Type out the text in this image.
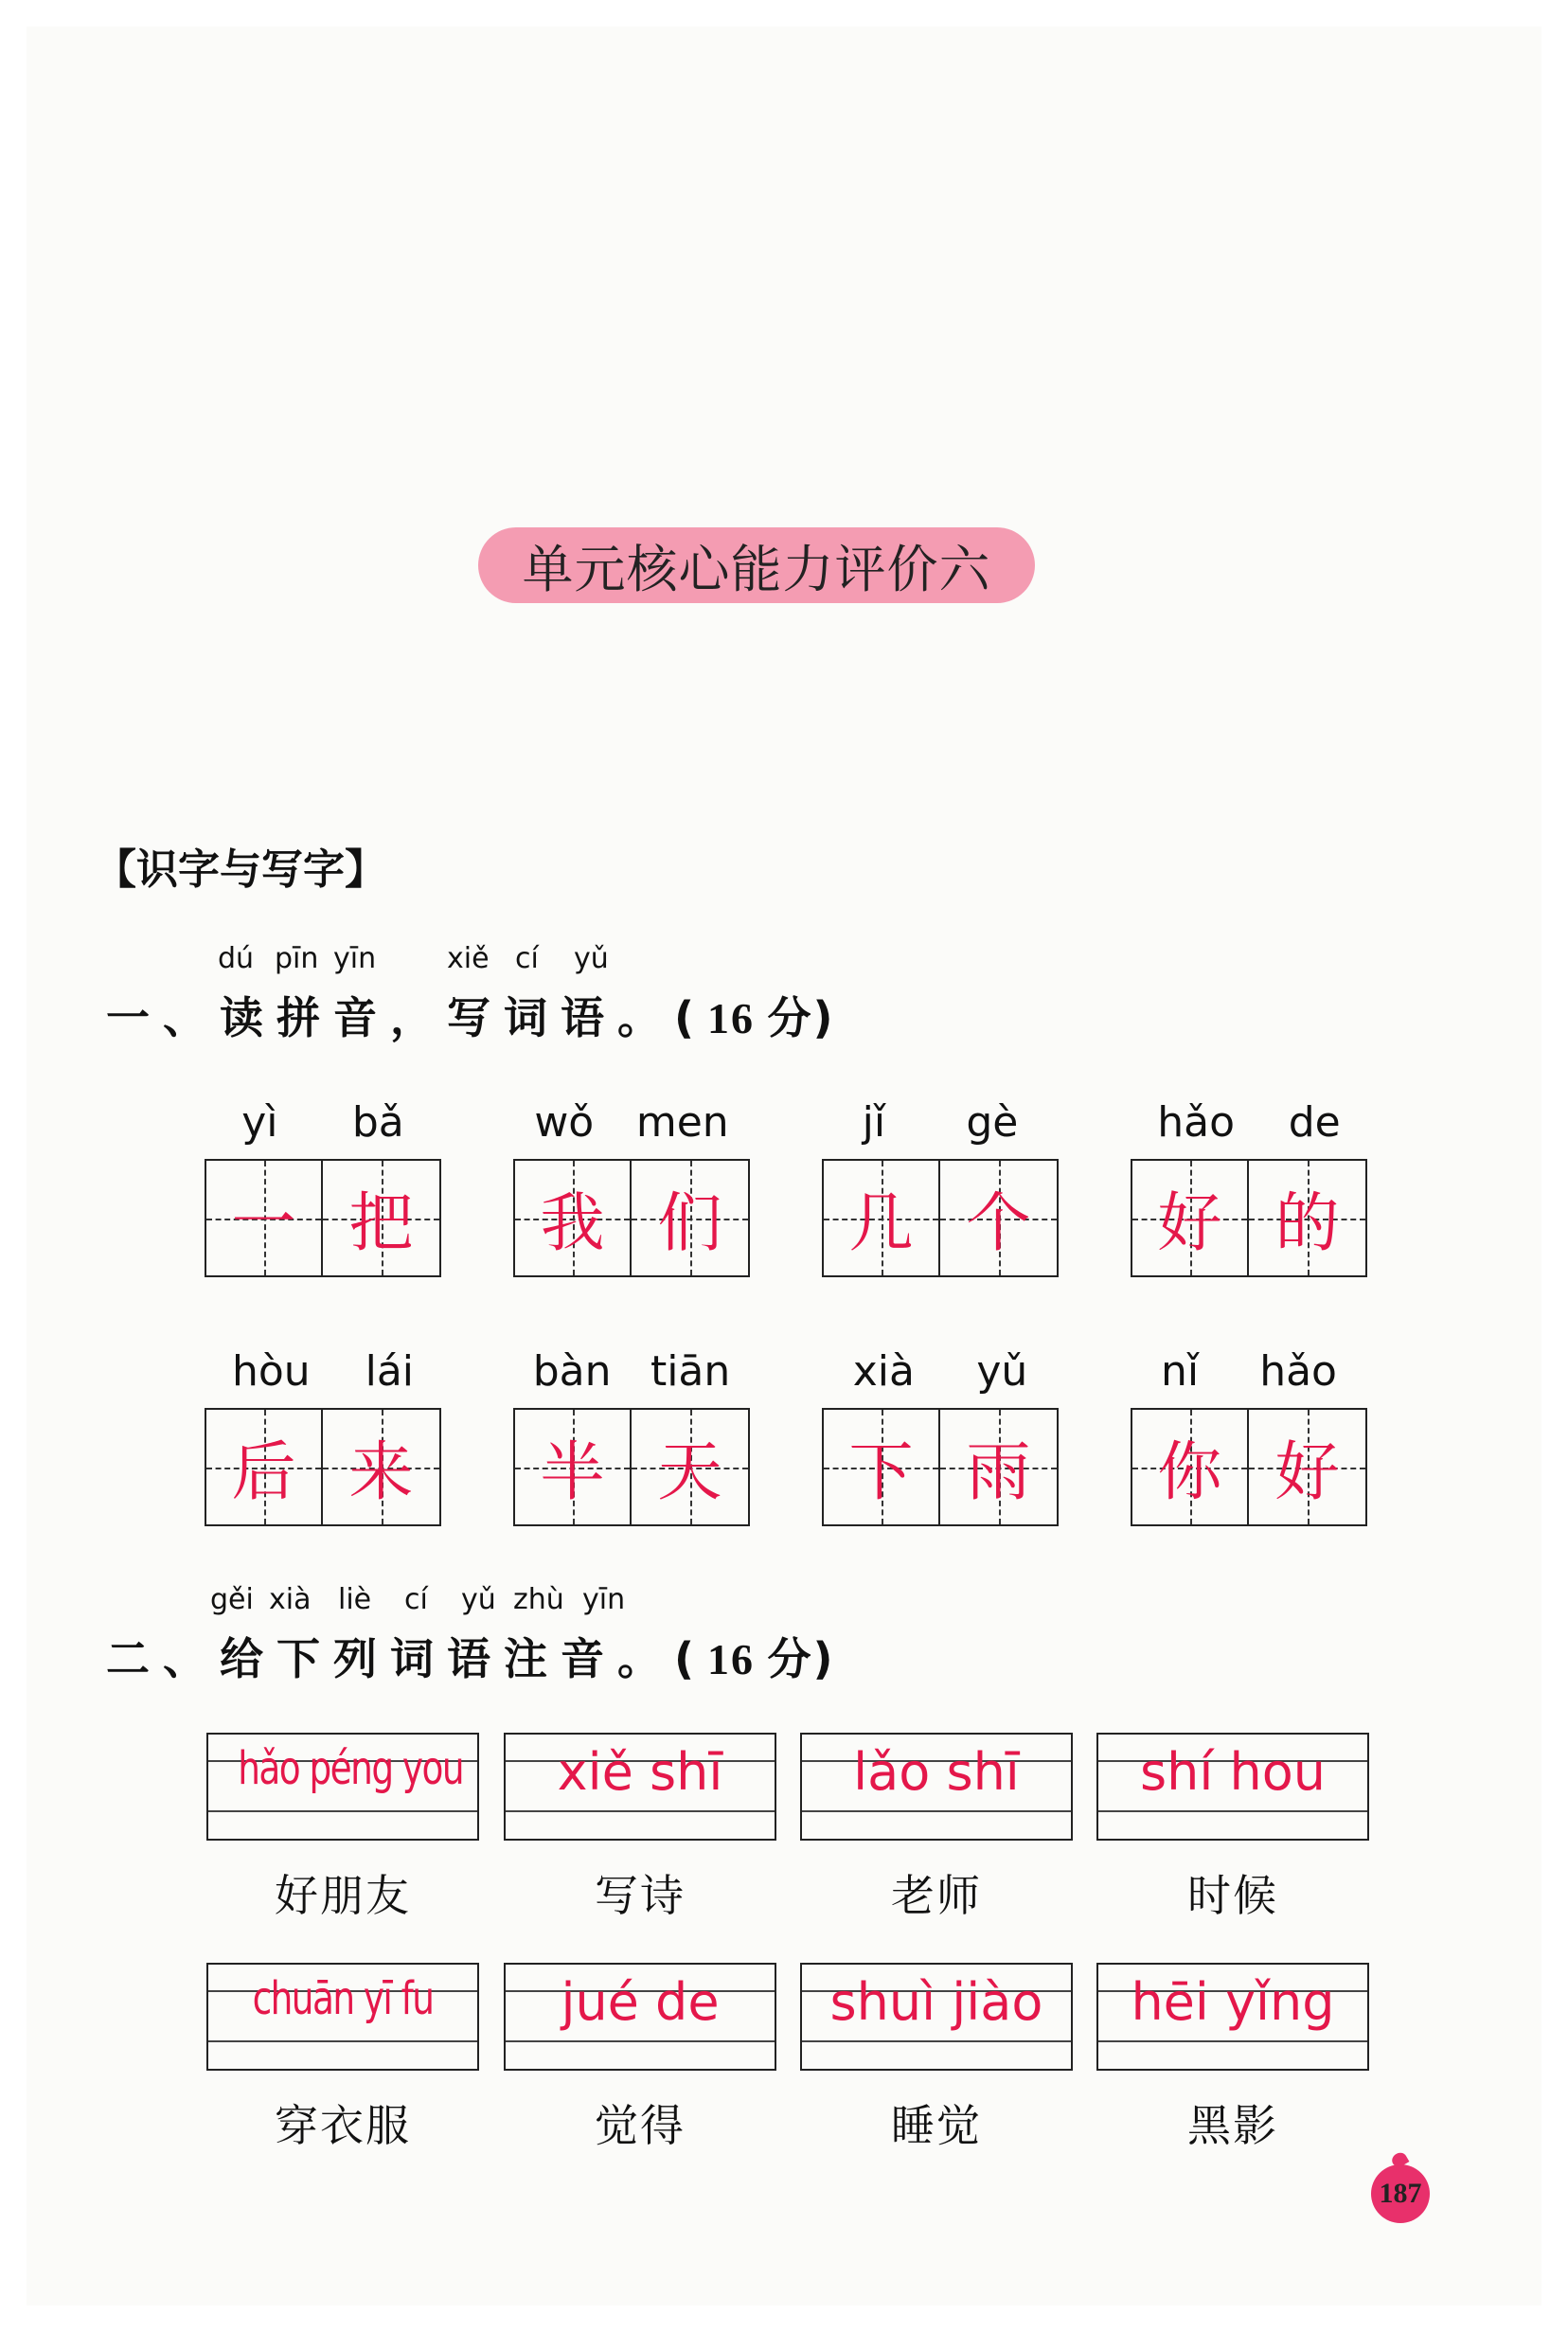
单元核心能力评价六
【识字与写字】
dú pīn yīn xiě cí yǔ
一、读拼音，写词语。(16 分)
yì bǎ
一 把
wǒ men
我 们
jǐ gè
几 个
hǎo de
好 的
hòu lái
后 来
bàn tiān
半 天
xià yǔ
下 雨
nǐ hǎo
你 好
gěi xià liè cí yǔ zhù yīn
二、给下列词语注音。(16 分)
hǎo péng you
好朋友
xiě shī
写诗
lǎo shī
老师
shí hou
时候
chuān yī fu
穿衣服
jué de
觉得
shuì jiào
睡觉
hēi yǐng
黑影
187
